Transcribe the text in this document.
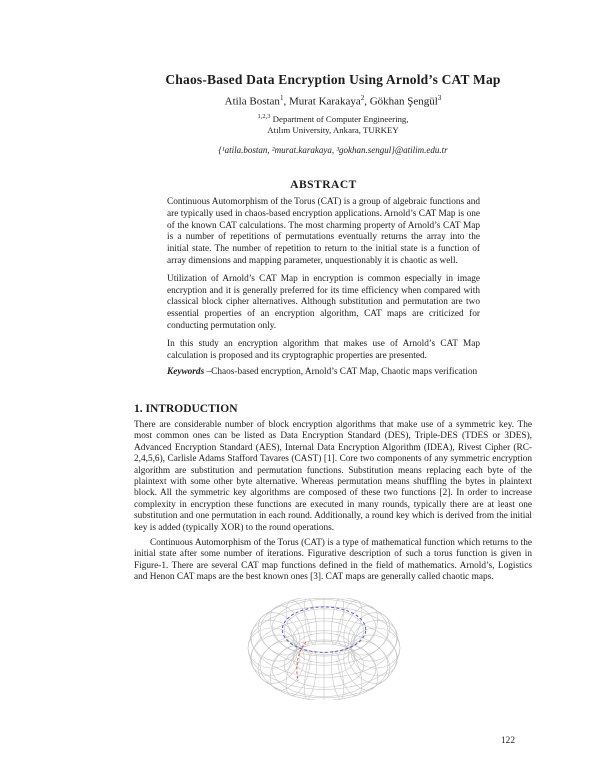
Chaos-Based Data Encryption Using Arnold’s CAT Map
Atila Bostan$^1$, Murat Karakaya$^2$, Gökhan Şengül$^3$
$^{1,2,3}$ Department of Computer Engineering,
Atılım University, Ankara, TURKEY
{¹atila.bostan, ²murat.karakaya, ³gokhan.sengul}@atilim.edu.tr
ABSTRACT

Continuous Automorphism of the Torus (CAT) is a group of algebraic functions and are typically used in chaos-based encryption applications. Arnold’s CAT Map is one of the known CAT calculations. The most charming property of Arnold’s CAT Map is a number of repetitions of permutations eventually returns the array into the initial state. The number of repetition to return to the initial state is a function of array dimensions and mapping parameter, unquestionably it is chaotic as well.

Utilization of Arnold’s CAT Map in encryption is common especially in image encryption and it is generally preferred for its time efficiency when compared with classical block cipher alternatives. Although substitution and permutation are two essential properties of an encryption algorithm, CAT maps are criticized for conducting permutation only.

In this study an encryption algorithm that makes use of Arnold’s CAT Map calculation is proposed and its cryptographic properties are presented.

Keywords –Chaos-based encryption, Arnold’s CAT Map, Chaotic maps verification
1. INTRODUCTION

There are considerable number of block encryption algorithms that make use of a symmetric key. The most common ones can be listed as Data Encryption Standard (DES), Triple-DES (TDES or 3DES), Advanced Encryption Standard (AES), Internal Data Encryption Algorithm (IDEA), Rivest Cipher (RC-2,4,5,6), Carlisle Adams Stafford Tavares (CAST) [1]. Core two components of any symmetric encryption algorithm are substitution and permutation functions. Substitution means replacing each byte of the plaintext with some other byte alternative. Whereas permutation means shuffling the bytes in plaintext block. All the symmetric key algorithms are composed of these two functions [2]. In order to increase complexity in encryption these functions are executed in many rounds, typically there are at least one substitution and one permutation in each round. Additionally, a round key which is derived from the initial key is added (typically XOR) to the round operations.

Continuous Automorphism of the Torus (CAT) is a type of mathematical function which returns to the initial state after some number of iterations. Figurative description of such a torus function is given in Figure-1. There are several CAT map functions defined in the field of mathematics. Arnold’s, Logistics and Henon CAT maps are the best known ones [3]. CAT maps are generally called chaotic maps.

122
